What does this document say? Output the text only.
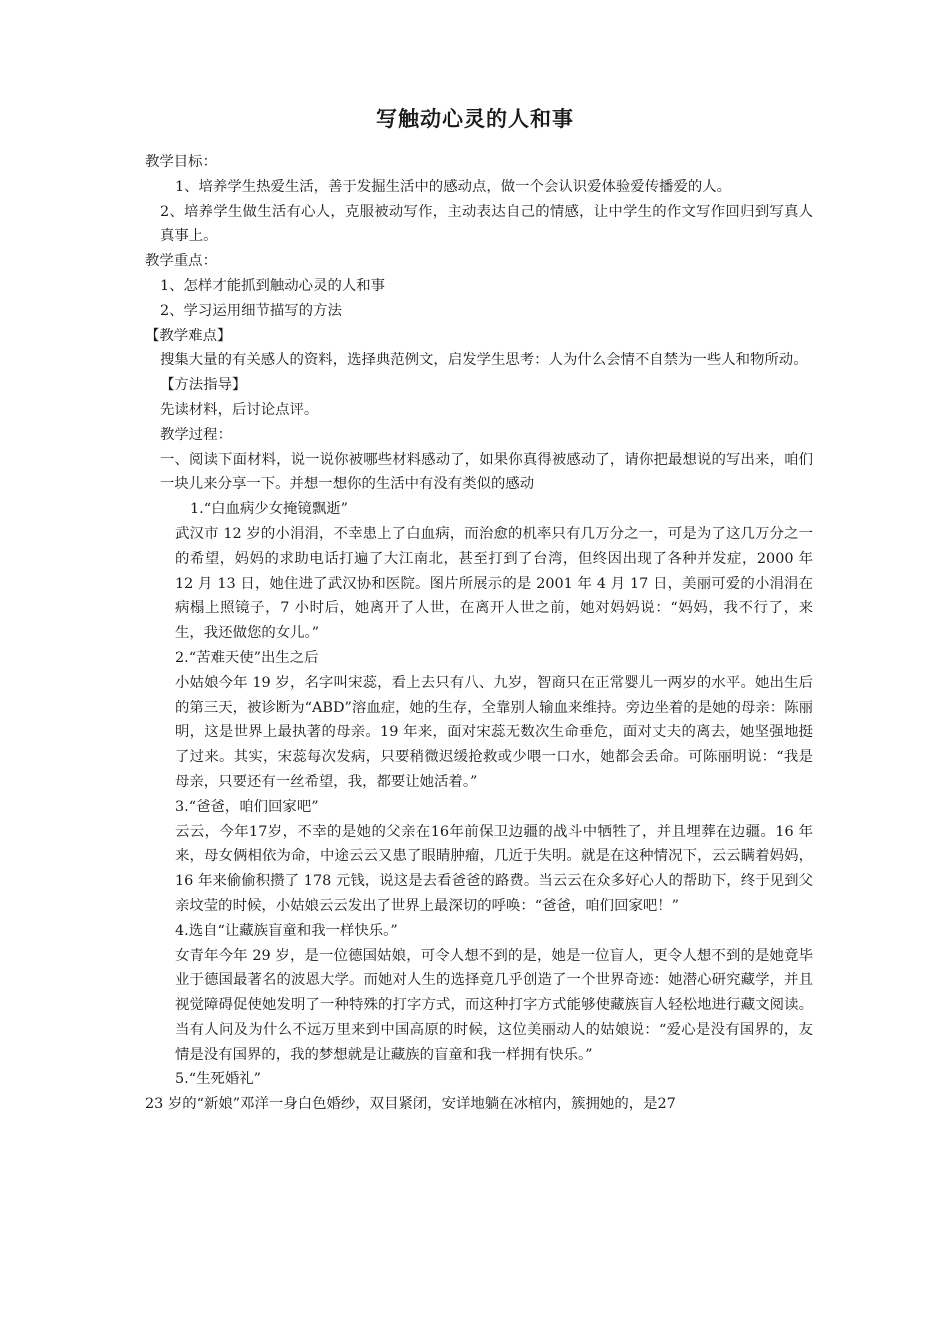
写触动心灵的人和事
教学目标：
1、培养学生热爱生活，善于发掘生活中的感动点，做一个会认识爱体验爱传播爱的人。
2、培养学生做生活有心人，克服被动写作，主动表达自己的情感，让中学生的作文写作回归到写真人真事上。
教学重点：
1、怎样才能抓到触动心灵的人和事
2、学习运用细节描写的方法
【教学难点】
搜集大量的有关感人的资料，选择典范例文，启发学生思考：人为什么会情不自禁为一些人和物所动。
【方法指导】
先读材料，后讨论点评。
教学过程：
一、阅读下面材料，说一说你被哪些材料感动了，如果你真得被感动了，请你把最想说的写出来，咱们一块儿来分享一下。并想一想你的生活中有没有类似的感动
1.“白血病少女掩镜飘逝”
武汉市 12 岁的小涓涓，不幸患上了白血病，而治愈的机率只有几万分之一，可是为了这几万分之一的希望，妈妈的求助电话打遍了大江南北，甚至打到了台湾，但终因出现了各种并发症，2000 年 12 月 13 日，她住进了武汉协和医院。图片所展示的是 2001 年 4 月 17 日，美丽可爱的小涓涓在病榻上照镜子，7 小时后，她离开了人世，在离开人世之前，她对妈妈说：“妈妈，我不行了，来生，我还做您的女儿。”
2.“苦难天使”出生之后
小姑娘今年 19 岁，名字叫宋蕊，看上去只有八、九岁，智商只在正常婴儿一两岁的水平。她出生后的第三天，被诊断为“ABD”溶血症，她的生存，全靠别人输血来维持。旁边坐着的是她的母亲：陈丽明，这是世界上最执著的母亲。19 年来，面对宋蕊无数次生命垂危，面对丈夫的离去，她坚强地挺了过来。其实，宋蕊每次发病，只要稍微迟缓抢救或少喂一口水，她都会丢命。可陈丽明说：“我是母亲，只要还有一丝希望，我，都要让她活着。”
3.“爸爸，咱们回家吧”
云云，今年17岁，不幸的是她的父亲在16年前保卫边疆的战斗中牺牲了，并且埋葬在边疆。16 年来，母女俩相依为命，中途云云又患了眼睛肿瘤，几近于失明。就是在这种情况下，云云瞒着妈妈，16 年来偷偷积攒了 178 元钱，说这是去看爸爸的路费。当云云在众多好心人的帮助下，终于见到父亲坟莹的时候，小姑娘云云发出了世界上最深切的呼唤：“爸爸，咱们回家吧！”
4.选自“让藏族盲童和我一样快乐。”
女青年今年 29 岁，是一位德国姑娘，可令人想不到的是，她是一位盲人，更令人想不到的是她竟毕业于德国最著名的波恩大学。而她对人生的选择竟几乎创造了一个世界奇迹：她潜心研究藏学，并且视觉障碍促使她发明了一种特殊的打字方式，而这种打字方式能够使藏族盲人轻松地进行藏文阅读。当有人问及为什么不远万里来到中国高原的时候，这位美丽动人的姑娘说：“爱心是没有国界的，友情是没有国界的，我的梦想就是让藏族的盲童和我一样拥有快乐。”
5.“生死婚礼”
23 岁的“新娘”邓洋一身白色婚纱，双目紧闭，安详地躺在冰棺内，簇拥她的，是27
